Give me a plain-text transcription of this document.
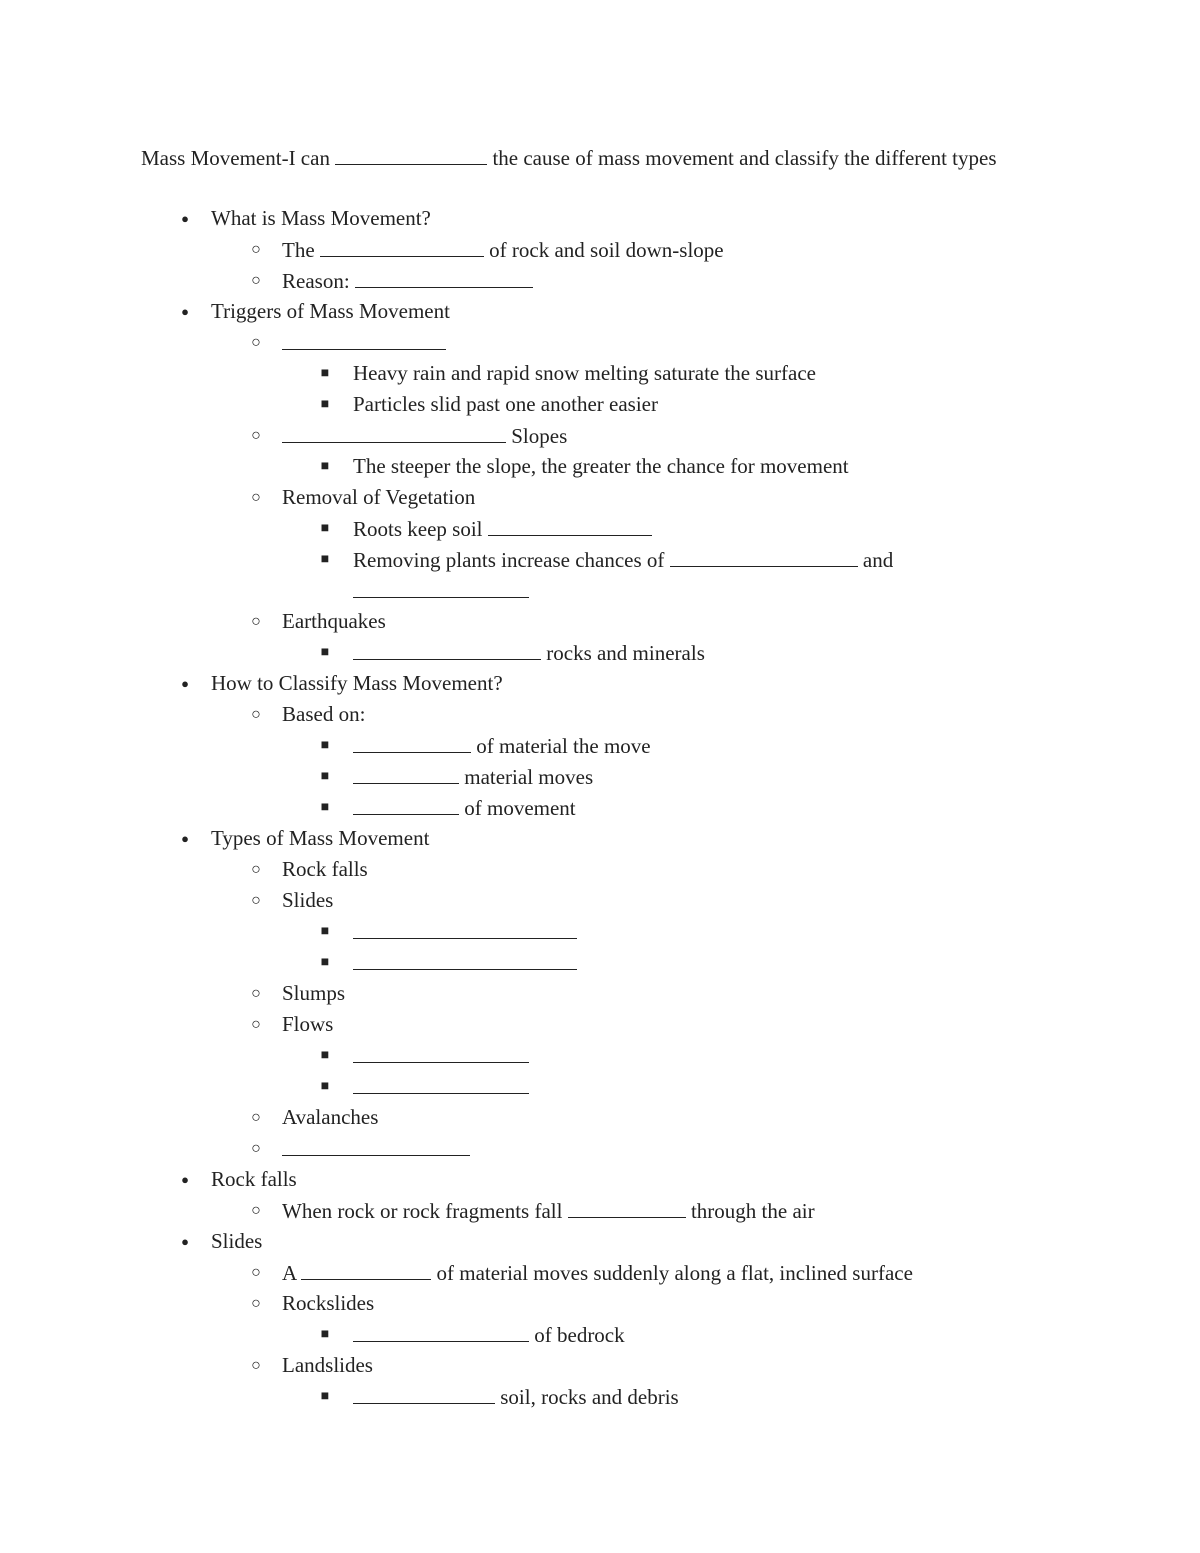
Mass Movement-I can	the cause of mass movement and classify the different types
● What is Mass Movement?
○ The	of rock and soil down-slope
○ Reason:
● Triggers of Mass Movement
○
■ Heavy rain and rapid snow melting saturate the surface
■ Particles slid past one another easier
○	Slopes
■ The steeper the slope, the greater the chance for movement
○ Removal of Vegetation
■ Roots keep soil
■ Removing plants increase chances of	and
○ Earthquakes
■	rocks and minerals
● How to Classify Mass Movement?
○ Based on:
■	of material the move
■	material moves
■	of movement
● Types of Mass Movement
○ Rock falls
○ Slides
■
■
○ Slumps
○ Flows
■
■
○ Avalanches
○
● Rock falls
○ When rock or rock fragments fall	through the air
● Slides
○ A	of material moves suddenly along a flat, inclined surface
○ Rockslides
■	of bedrock
○ Landslides
■	soil, rocks and debris
